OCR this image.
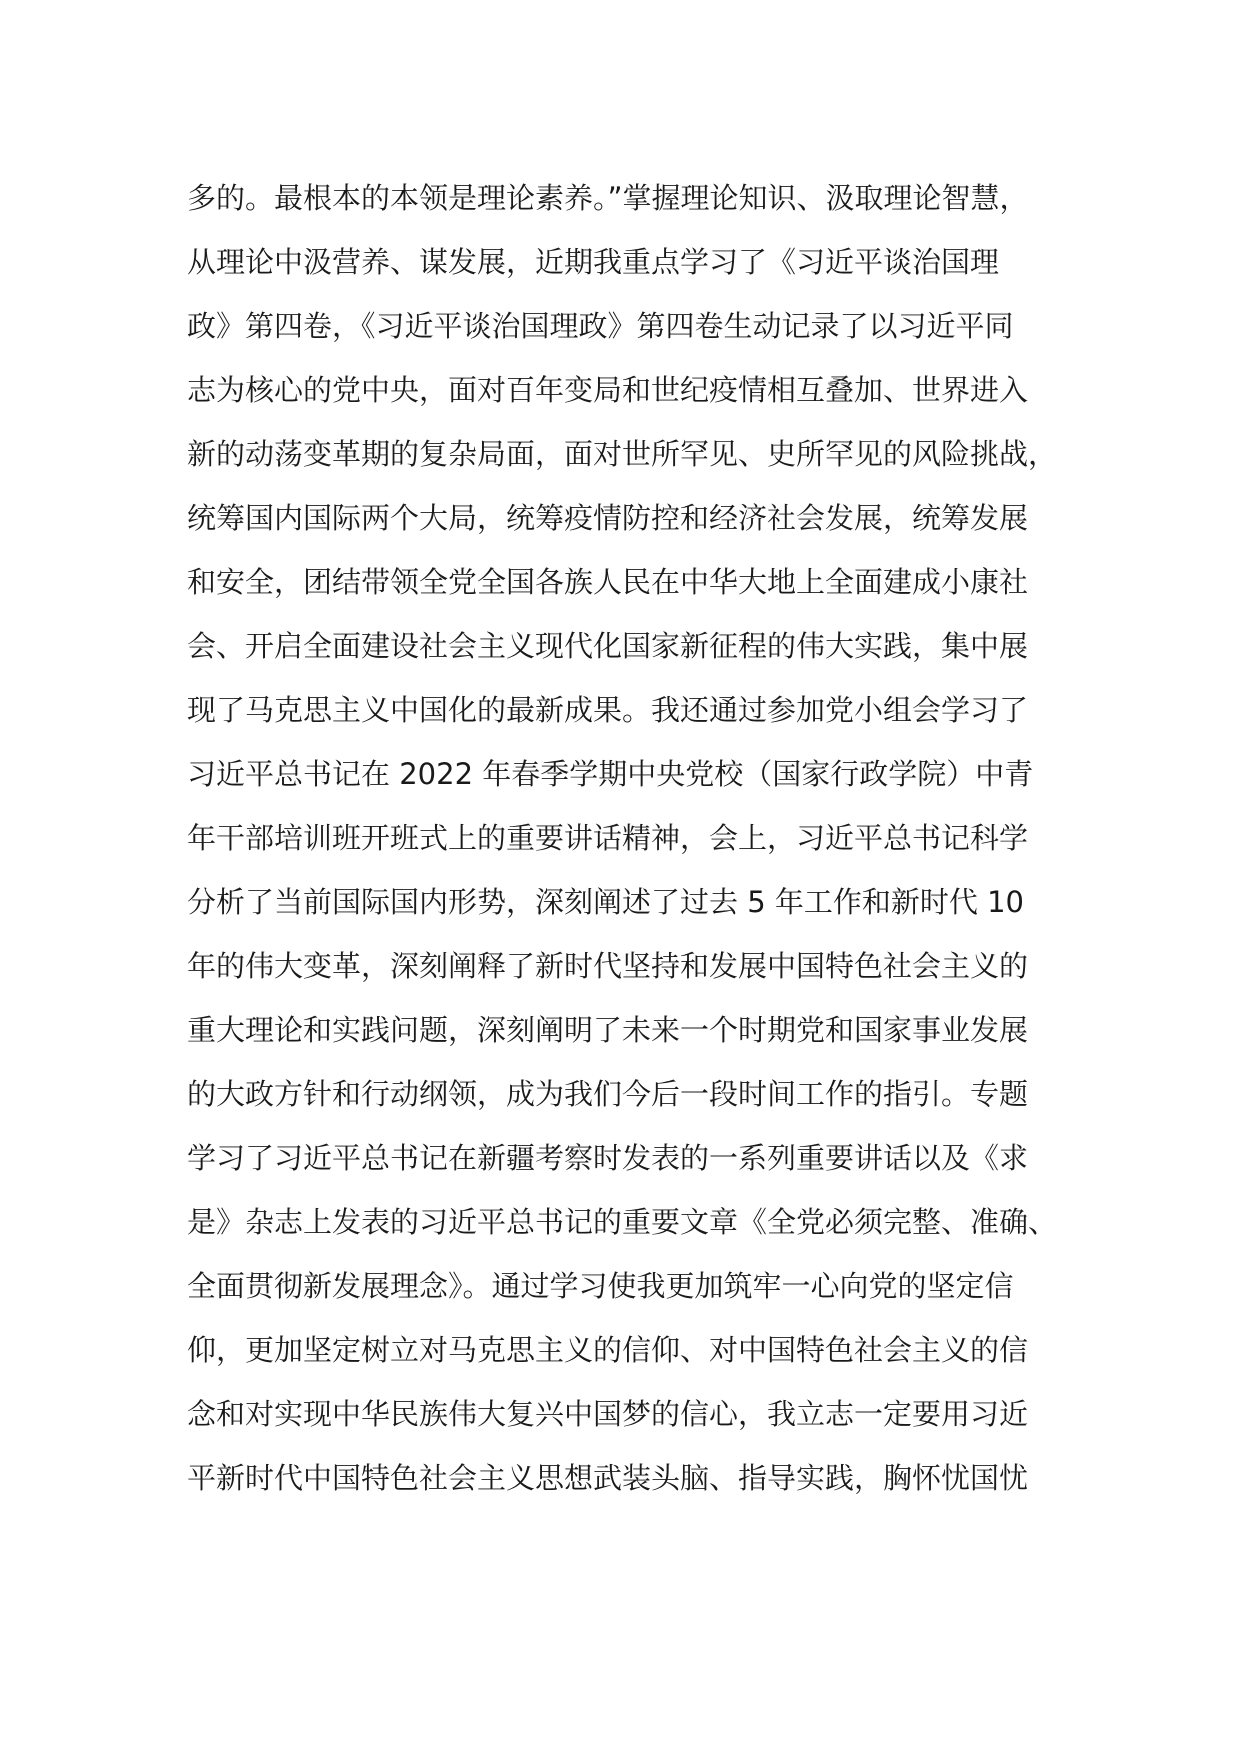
多的。最根本的本领是理论素养。”掌握理论知识、汲取理论智慧，
从理论中汲营养、谋发展，近期我重点学习了《习近平谈治国理
政》第四卷，《习近平谈治国理政》第四卷生动记录了以习近平同
志为核心的党中央，面对百年变局和世纪疫情相互叠加、世界进入
新的动荡变革期的复杂局面，面对世所罕见、史所罕见的风险挑战，
统筹国内国际两个大局，统筹疫情防控和经济社会发展，统筹发展
和安全，团结带领全党全国各族人民在中华大地上全面建成小康社
会、开启全面建设社会主义现代化国家新征程的伟大实践，集中展
现了马克思主义中国化的最新成果。我还通过参加党小组会学习了
习近平总书记在 2022 年春季学期中央党校（国家行政学院）中青
年干部培训班开班式上的重要讲话精神，会上，习近平总书记科学
分析了当前国际国内形势，深刻阐述了过去 5 年工作和新时代 10
年的伟大变革，深刻阐释了新时代坚持和发展中国特色社会主义的
重大理论和实践问题，深刻阐明了未来一个时期党和国家事业发展
的大政方针和行动纲领，成为我们今后一段时间工作的指引。专题
学习了习近平总书记在新疆考察时发表的一系列重要讲话以及《求
是》杂志上发表的习近平总书记的重要文章《全党必须完整、准确、
全面贯彻新发展理念》。通过学习使我更加筑牢一心向党的坚定信
仰，更加坚定树立对马克思主义的信仰、对中国特色社会主义的信
念和对实现中华民族伟大复兴中国梦的信心，我立志一定要用习近
平新时代中国特色社会主义思想武装头脑、指导实践，胸怀忧国忧
